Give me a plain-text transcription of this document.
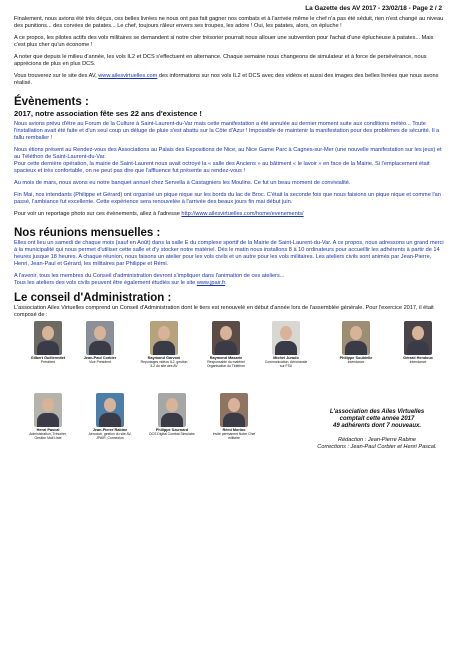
La Gazette des AV 2017 - 23/02/18 - Page 2 / 2

Finalement, nous avions été très déçus, ces belles livrées ne nous ont pas fait gagner nos combats et à l'arrivée même le chef n'a pas été séduit, rien n'est changé au niveau des punitions... des corvées de patates... Le chef, toujours râleur envers ses troupes, les adore ! Oui, les patates, alors, on épluche !

A ce propos, les pilotes actifs des vols militaires se demandent si notre cher trésorier pourrait nous allouer une subvention pour l'achat d'une éplucheuse à patates... Mais c'est plus cher qu'un économe !

A noter que depuis le milieu d'année, les vols IL2 et DCS s'effectuent en alternance. Chaque semaine nous changeons de simulateur et à force de persévérance, nous apprécions de plus en plus DCS.

Vous trouverez sur le site des AV, www.ailesvirtuelles.com des informations sur nos vols IL2 et DCS avec des vidéos et aussi des images des belles livrées que nous avons réalisé.

Évènements :
2017, notre association fête ses 22 ans d'existence !

Nous avions prévu d'être au Forum de la Culture à Saint-Laurent-du-Var mais cette manifestation a été annulée au dernier moment suite aux conditions météo... Toute l'installation avait été faite et d'un seul coup un déluge de pluie s'est abattu sur la Côte d'Azur ! Impossible de maintenir la manifestation pour des problèmes de sécurité. Il a fallu remballer !

Nous étions présent au Rendez-vous des Associations au Palais des Expositions de Nice, au Nice Game Parc à Cagnes-sur-Mer (une nouvelle manifestation sur les jeux) et au Téléthon de Saint-Laurent-du-Var.

Pour cette dernière opération, la mairie de Saint-Laurent nous avait octroyé la « salle des Anciens » au bâtiment « le lavoir » en face de la Mairie. Si l'emplacement était spacieux et très confortable, on ne peut pas dire que l'affluence fut présente au rendez-vous !

Au mois de mars, nous avons eu notre banquet annuel chez Servella à Castagniers les Moulins. Ce fut un beau moment de convivialité.

Fin Mai, nos intendants (Philippe et Gérard) ont organisé un pique nique sur les bords du lac de Broc. C'était la seconde fois que nous faisions un pique nique et comme l'an passé, l'ambiance fut excellente. Cette expérience sera renouvelée à l'arrivée des beaux jours fin mai début juin.

Pour voir un reportage photo sur ces évènements, allez à l'adresse http://www.ailesvirtuelles.com/home/evenements/

Nos réunions mensuelles :

Elles ont lieu un samedi de chaque mois (sauf en Août) dans la salle E du complexe sportif de la Mairie de Saint-Laurent-du-Var. A ce propos, nous adressons un grand merci à la municipalité qui nous permet d'utiliser cette salle et d'y stocker notre matériel. Dès le matin nous installons 8 à 10 ordinateurs pour accueillir les adhérents à partir de 14 heures jusque 18 heures. A chaque réunion, nous faisons un atelier pour les vols civils et un autre pour les vols militaires. Les ateliers civils sont animés par Jean-Pierre, Henri, Jean-Paul et Gérard, les militaires par Philippe et Rémi.

A l'avenir, tous les membres du Conseil d'administration devront s'impliquer dans l'animation de ces ateliers...

Tous les ateliers des vols civils peuvent être également étudiés sur le site www.jpair.fr.

Le conseil d'Administration :

L'association Ailes Virtuelles comprend un Conseil d'Administration dont le tiers est renouvelé en début d'année lors de l'assemblée générale. Pour l'exercice 2017, il était composé de :

Gilbert Guillermitet
Président
Jean-Paul Corbier
Vice Président
Raymond Garvoni
Reportages vidéos IL2, gestion IL2 du site des AV
Raymond Masarie
Responsable du matériel Organisation du Téléthon
Michel Jurado
Communication, Aéronavale sur FSX
Philippe Soubielle
Intendance
Gérard Hendoux
Intendance
Henri Pascal
Administration, Trésorier, Gestion Mail Liste
Jean-Pierre Rabine
Aéroclub, gestion du site AV, JPAIR, Connexion
Philippe Szurnard
DCS Digital Combat Simulator
Rémi Morino
Invité permanent Notre Chef militaire
L'association des Ailes Virtuelles
comptait cette année 2017
49 adhérents dont 7 nouveaux.
Rédaction : Jean-Pierre Rabine
Corrections : Jean-Paul Corbier et Henri Pascal.
